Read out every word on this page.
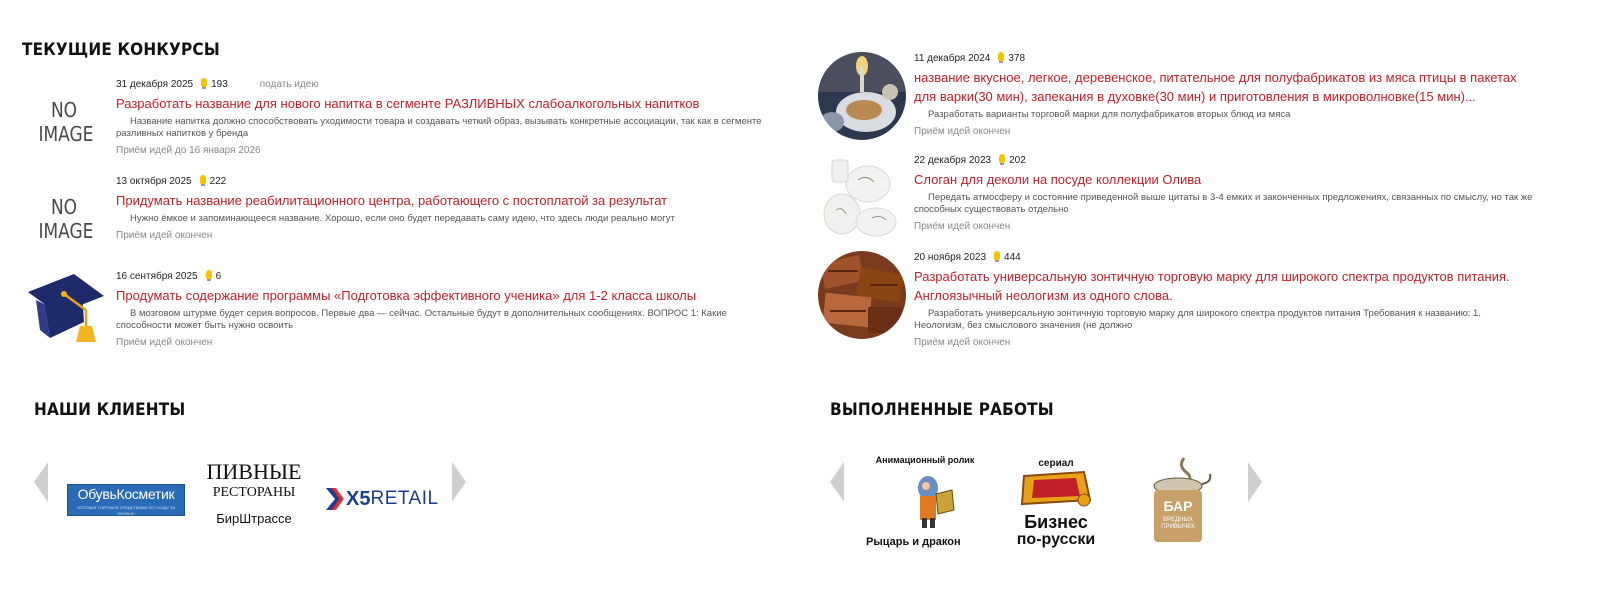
ТЕКУЩИЕ КОНКУРСЫ
НАШИ КЛИЕНТЫ	ВЫПОЛНЕННЫЕ РАБОТЫ
NO IMAGE
31 декабря 2025 193	подать идею
Разработать название для нового напитка в сегменте РАЗЛИВНЫХ слабоалкогольных напитков
Название напитка должно способствовать уходимости товара и создавать четкий образ, вызывать конкретные ассоциации, так как в сегменте разливных напитков у бренда
Приём идей до 16 января 2026
NO IMAGE
13 октября 2025 222
Придумать название реабилитационного центра, работающего с постоплатой за результат
Нужно ёмкое и запоминающееся название. Хорошо, если оно будет передавать саму идею, что здесь люди реально могут
Приём идей окончен
16 сентября 2025 6
Продумать содержание программы «Подготовка эффективного ученика» для 1-2 класса школы
В мозговом штурме будет серия вопросов. Первые два — сейчас. Остальные будут в дополнительных сообщениях. ВОПРОС 1: Какие способности может быть нужно освоить
Приём идей окончен
11 декабря 2024 378
название вкусное, легкое, деревенское, питательное для полуфабрикатов из мяса птицы в пакетах для варки(30 мин), запекания в духовке(30 мин) и приготовления в микроволновке(15 мин)...
Разработать варианты торговой марки для полуфабрикатов вторых блюд из мяса
Приём идей окончен
22 декабря 2023 202
Слоган для деколи на посуде коллекции Олива
Передать атмосферу и состояние приведенной выше цитаты в 3-4 емких и законченных предложениях, связанных по смыслу, но так же способных существовать отдельно
Приём идей окончен
20 ноября 2023 444
Разработать универсальную зонтичную торговую марку для широкого спектра продуктов питания. Англоязычный неологизм из одного слова.
Разработать универсальную зонтичную торговую марку для широкого спектра продуктов питания Требования к названию: 1. Неологизм, без смыслового значения (не должно
Приём идей окончен
ОбувьКосметик
ОПТОВАЯ ТОРГОВЛЯ СРЕДСТВАМИ ПО УХОДУ ЗА ОБУВЬЮ
ПИВНЫЕ
РЕСТОРАНЫ
БирШтрассе
X5 RETAIL
Анимационный ролик
Рыцарь и дракон
сериал
Бизнес
по-русски
БАР
ВРЕДНЫХ ПРИВЫЧЕК
